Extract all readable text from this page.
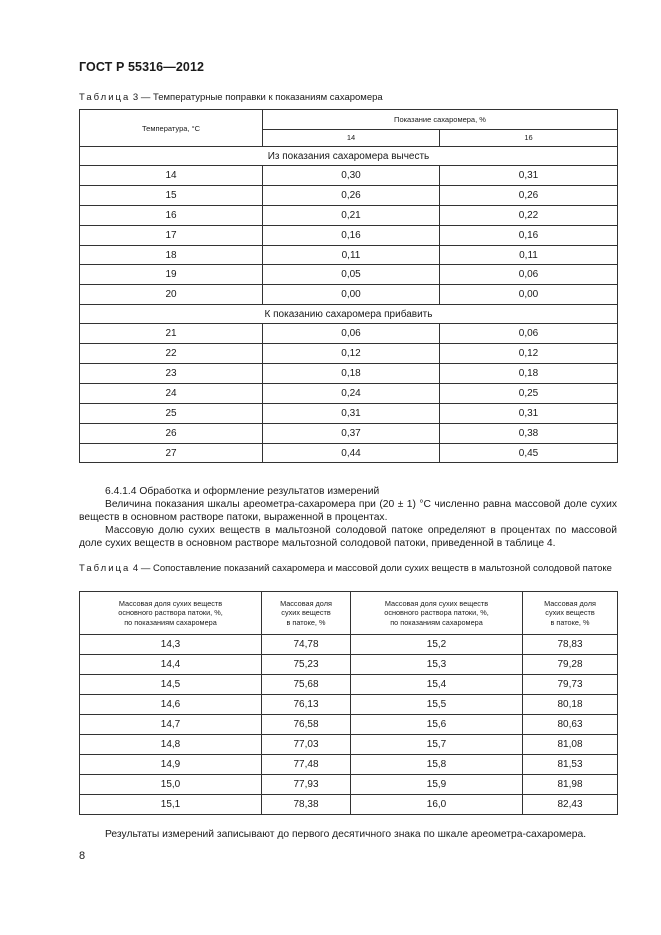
ГОСТ Р 55316—2012
Таблица 3 — Температурные поправки к показаниям сахаромера
Температура, °С	Показание сахаромера, %	
	14	16
Из показания сахаромера вычесть		
14	0,30	0,31
15	0,26	0,26
16	0,21	0,22
17	0,16	0,16
18	0,11	0,11
19	0,05	0,06
20	0,00	0,00
К показанию сахаромера прибавить		
21	0,06	0,06
22	0,12	0,12
23	0,18	0,18
24	0,24	0,25
25	0,31	0,31
26	0,37	0,38
27	0,44	0,45

6.4.1.4 Обработка и оформление результатов измерений

Величина показания шкалы ареометра-сахаромера при (20 ± 1) °С численно равна массовой доле сухих веществ в основном растворе патоки, выраженной в процентах.

Массовую долю сухих веществ в мальтозной солодовой патоке определяют в процентах по массовой доле сухих веществ в основном растворе мальтозной солодовой патоки, приведенной в таблице 4.

Таблица 4 — Сопоставление показаний сахаромера и массовой доли сухих веществ в мальтозной солодовой патоке
Массовая доля сухих веществ
основного раствора патоки, %,
по показаниям сахаромера	Массовая доля
сухих веществ
в патоке, %	Массовая доля сухих веществ
основного раствора патоки, %,
по показаниям сахаромера	Массовая доля
сухих веществ
в патоке, %
14,3	74,78	15,2	78,83
14,4	75,23	15,3	79,28
14,5	75,68	15,4	79,73
14,6	76,13	15,5	80,18
14,7	76,58	15,6	80,63
14,8	77,03	15,7	81,08
14,9	77,48	15,8	81,53
15,0	77,93	15,9	81,98
15,1	78,38	16,0	82,43
Результаты измерений записывают до первого десятичного знака по шкале ареометра-сахаромера.
8
